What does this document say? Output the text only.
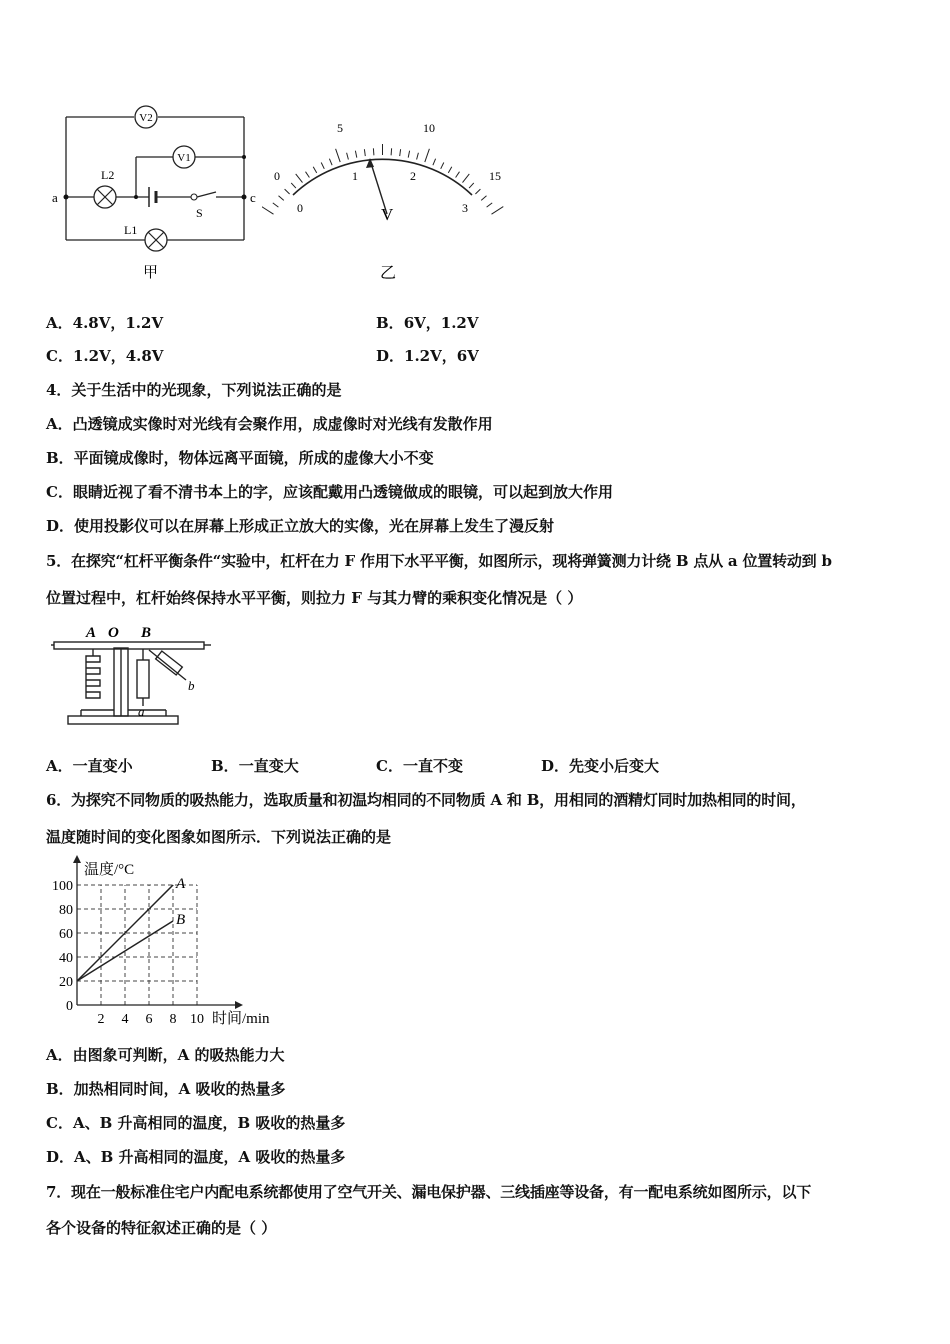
V2
V1
a	c
L2
L1
S
甲
0
5	10
15
0
1	2
3
V
乙
A．4.8V，1.2V	B．6V，1.2V
C．1.2V，4.8V	D．1.2V，6V
4．关于生活中的光现象，下列说法正确的是
A．凸透镜成实像时对光线有会聚作用，成虚像时对光线有发散作用
B．平面镜成像时，物体远离平面镜，所成的虚像大小不变
C．眼睛近视了看不清书本上的字，应该配戴用凸透镜做成的眼镜，可以起到放大作用
D．使用投影仪可以在屏幕上形成正立放大的实像，光在屏幕上发生了漫反射
5．在探究“杠杆平衡条件“实验中，杠杆在力 F 作用下水平平衡，如图所示，现将弹簧测力计绕 B 点从 a 位置转动到 b
位置过程中，杠杆始终保持水平平衡，则拉力 F 与其力臂的乘积变化情况是（ ）
A O B
a
b
A．一直变小	B．一直变大	C．一直不变	D．先变小后变大
6．为探究不同物质的吸热能力，选取质量和初温均相同的不同物质 A 和 B，用相同的酒精灯同时加热相同的时间，
温度随时间的变化图象如图所示．下列说法正确的是
A
B
0
20
40
60
80
100
2 4 6 8 10
温度/°C
时间/min
A．由图象可判断，A 的吸热能力大
B．加热相同时间，A 吸收的热量多
C．A、B 升高相同的温度，B 吸收的热量多
D．A、B 升高相同的温度，A 吸收的热量多
7．现在一般标准住宅户内配电系统都使用了空气开关、漏电保护器、三线插座等设备，有一配电系统如图所示，以下
各个设备的特征叙述正确的是（ ）
